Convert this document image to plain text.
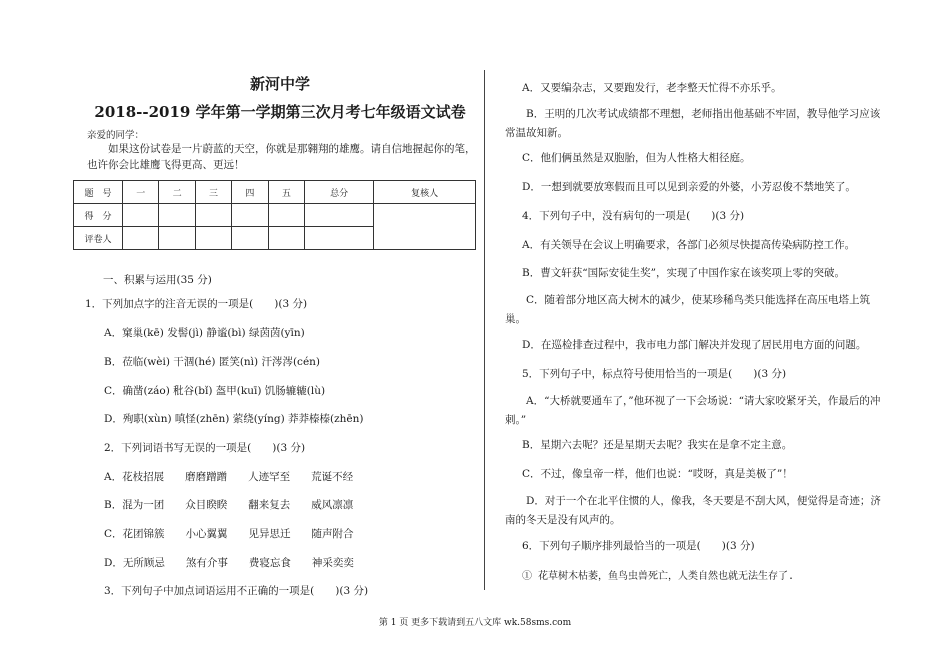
新河中学
2018--2019 学年第一学期第三次月考七年级语文试卷
亲爱的同学：
如果这份试卷是一片蔚蓝的天空，你就是那翱翔的雄鹰。请自信地握起你的笔，也许你会比雄鹰飞得更高、更远！
题　号	一	二	三	四	五	总分	复核人
得　分							
评卷人							
一、积累与运用(35 分)
1．下列加点字的注音无误的一项是(　　)(3 分)
A．窠巢(kē) 发髻(jì) 静谧(bì) 绿茵茵(yīn)
B．莅临(wèi) 干涸(hé) 匿笑(nì) 汗涔涔(cén)
C．确凿(záo) 秕谷(bǐ) 盔甲(kuī) 饥肠辘辘(lù)
D．殉职(xùn) 嗔怪(zhēn) 萦绕(yíng) 莽莽榛榛(zhēn)
2．下列词语书写无误的一项是(　　)(3 分)
A．花枝招展　　磨磨蹭蹭　　人迹罕至　　荒诞不经
B．混为一团　　众目睽睽　　翻来复去　　威风凛凛
C．花团锦簇　　小心翼翼　　见异思迁　　随声附合
D．无所顾忌　　煞有介事　　费寝忘食　　神采奕奕
3．下列句子中加点词语运用不正确的一项是(　　)(3 分)
A．又要编杂志，又要跑发行，老李整天忙得不亦乐乎。
B．王明的几次考试成绩都不理想，老师指出他基础不牢固，教导他学习应该常温故知新。
C．他们俩虽然是双胞胎，但为人性格大相径庭。
D．一想到就要放寒假而且可以见到亲爱的外婆，小芳忍俊不禁地笑了。
4．下列句子中，没有病句的一项是(　　)(3 分)
A．有关领导在会议上明确要求，各部门必须尽快提高传染病防控工作。
B．曹文轩获“国际安徒生奖”，实现了中国作家在该奖项上零的突破。
C．随着部分地区高大树木的减少，使某珍稀鸟类只能选择在高压电塔上筑巢。
D．在巡检排查过程中，我市电力部门解决并发现了居民用电方面的问题。
5．下列句子中，标点符号使用恰当的一项是(　　)(3 分)
A．“大桥就要通车了，”他环视了一下会场说：“请大家咬紧牙关，作最后的冲刺。”
B．星期六去呢？还是星期天去呢？我实在是拿不定主意。
C．不过，像皇帝一样，他们也说：“哎呀，真是美极了”！
D．对于一个在北平住惯的人，像我，冬天要是不刮大风，便觉得是奇迹；济南的冬天是没有风声的。
6．下列句子顺序排列最恰当的一项是(　　)(3 分)
① 花草树木枯萎，鱼鸟虫兽死亡，人类自然也就无法生存了.
第 1 页 更多下载请到五八文库 wk.58sms.com
